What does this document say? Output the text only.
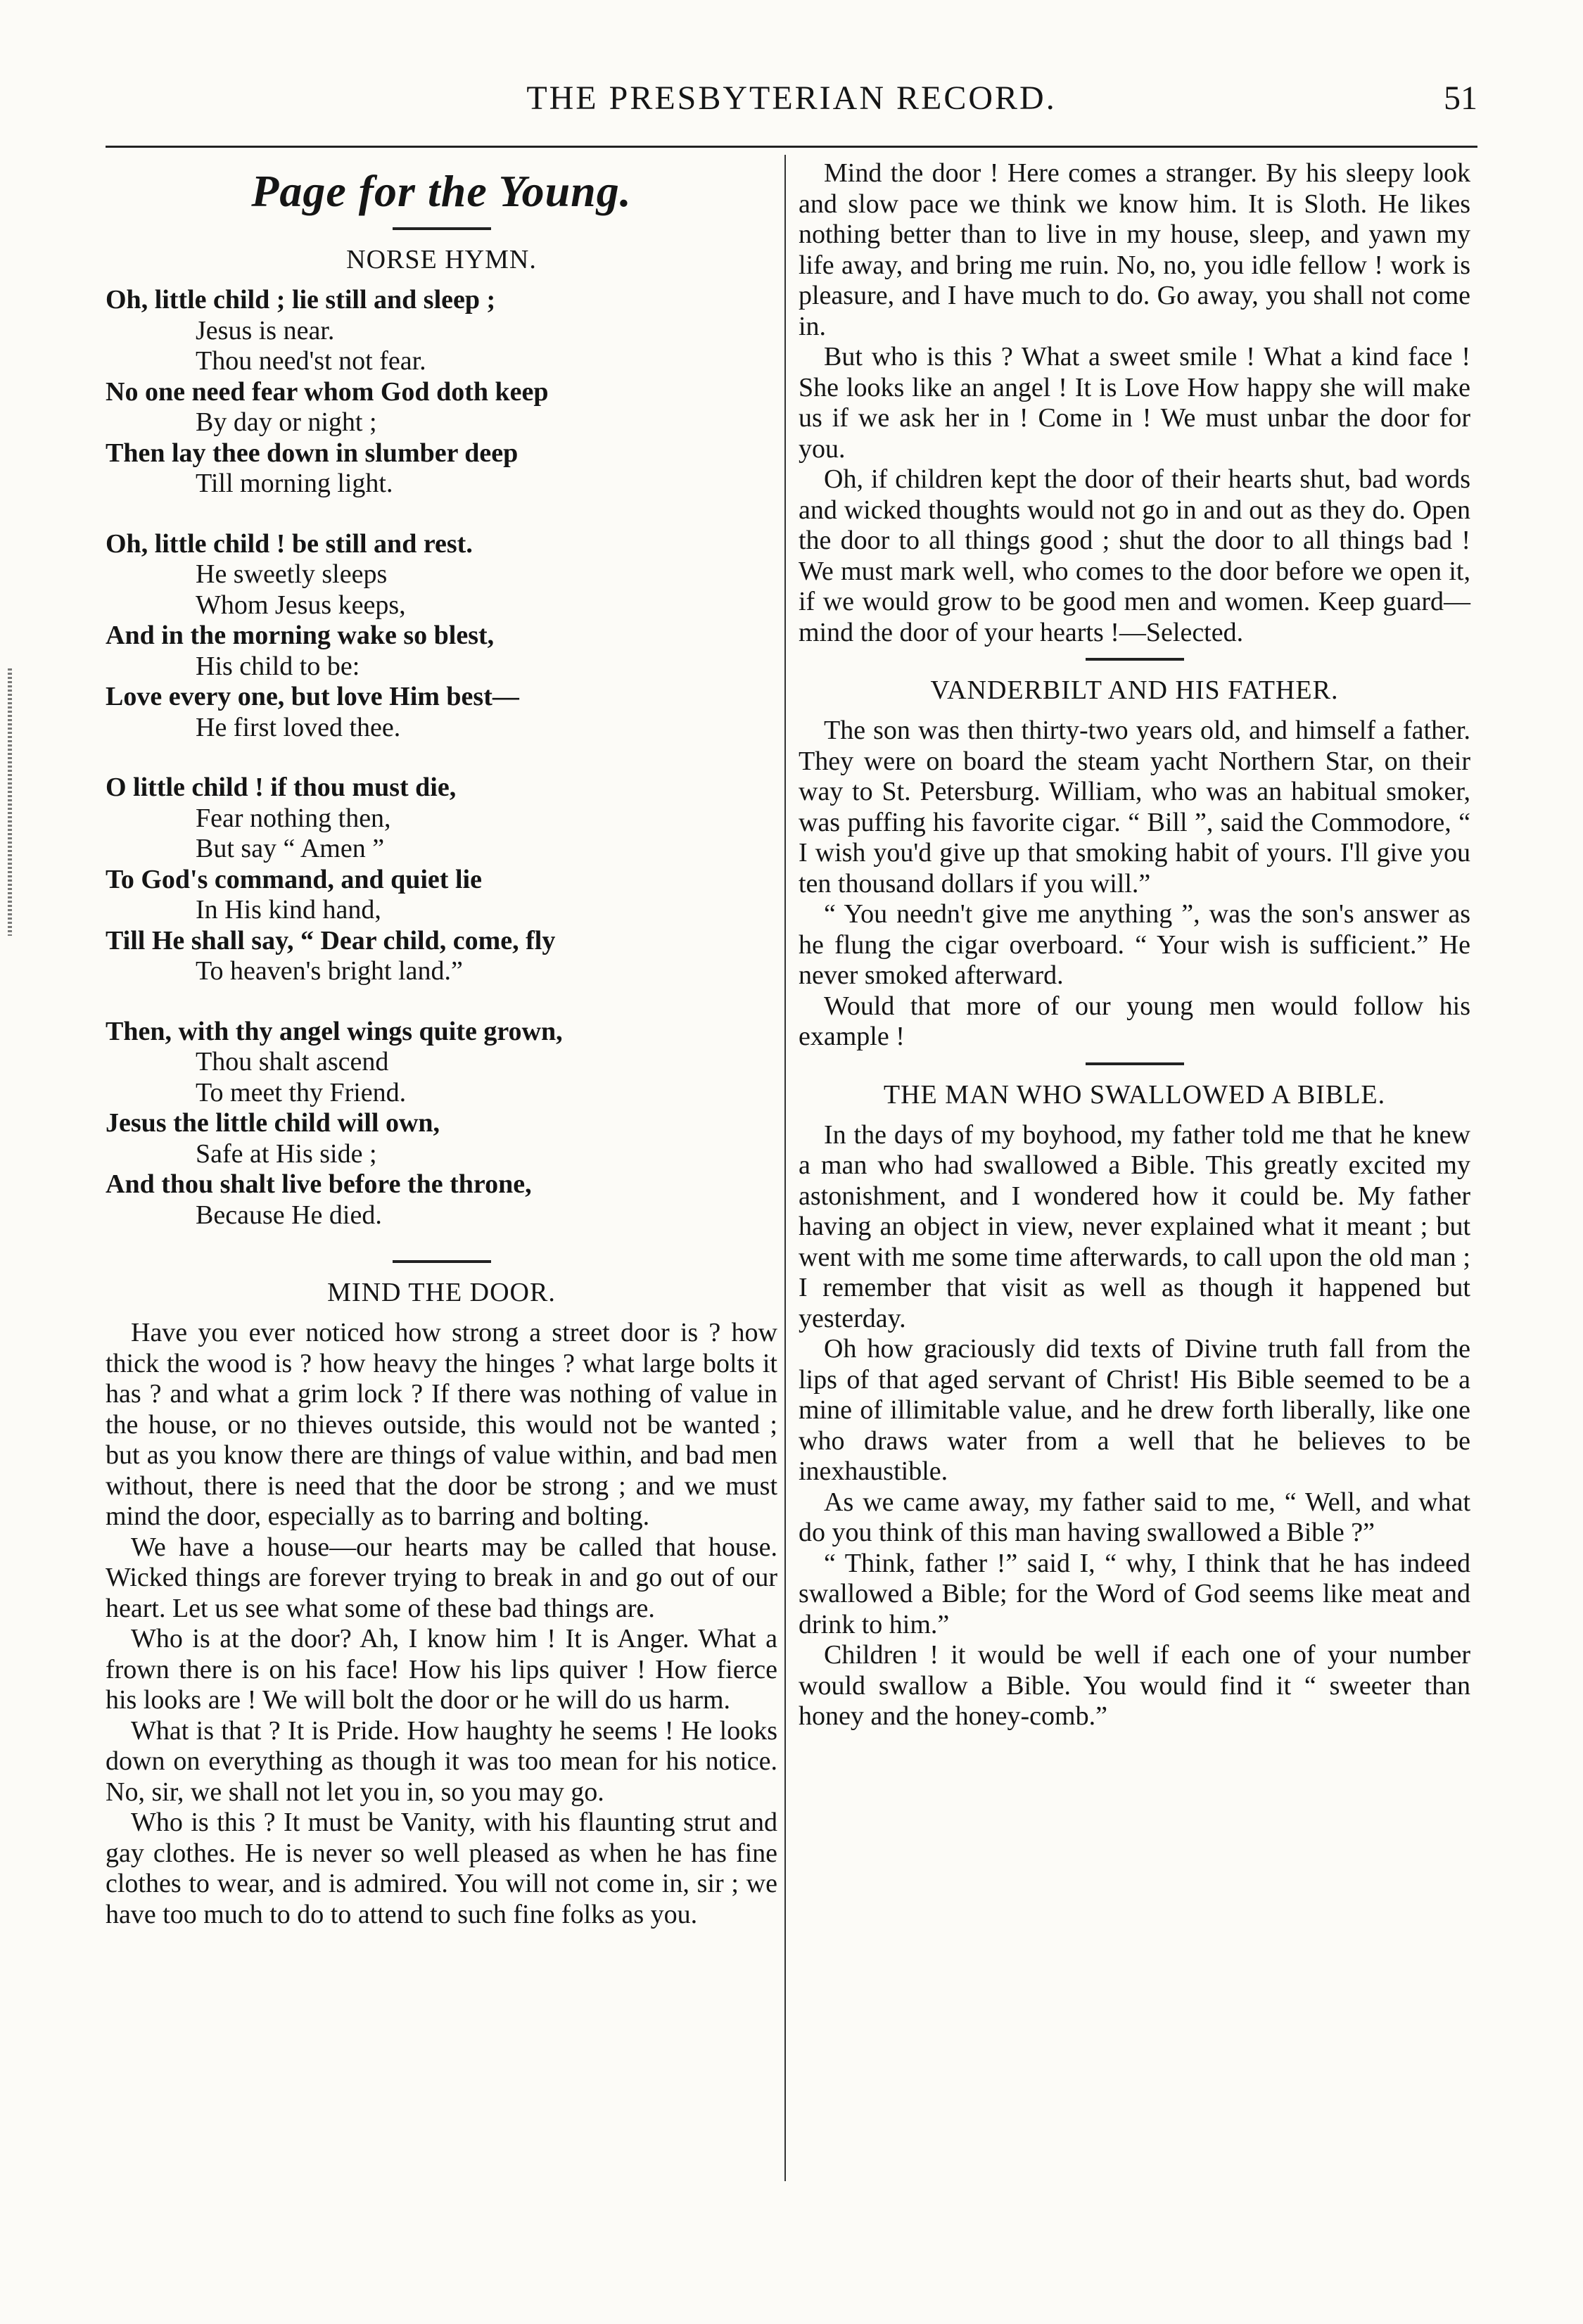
THE PRESBYTERIAN RECORD.	51
Page for the Young.
NORSE HYMN.
Oh, little child ; lie still and sleep ;
Jesus is near.
Thou need'st not fear.
No one need fear whom God doth keep
By day or night ;
Then lay thee down in slumber deep
Till morning light.
Oh, little child ! be still and rest.
He sweetly sleeps
Whom Jesus keeps,
And in the morning wake so blest,
His child to be:
Love every one, but love Him best—
He first loved thee.
O little child ! if thou must die,
Fear nothing then,
But say “ Amen ”
To God's command, and quiet lie
In His kind hand,
Till He shall say, “ Dear child, come, fly
To heaven's bright land.”
Then, with thy angel wings quite grown,
Thou shalt ascend
To meet thy Friend.
Jesus the little child will own,
Safe at His side ;
And thou shalt live before the throne,
Because He died.
MIND THE DOOR.

Have you ever noticed how strong a street door is ? how thick the wood is ? how heavy the hinges ? what large bolts it has ? and what a grim lock ? If there was nothing of value in the house, or no thieves outside, this would not be wanted ; but as you know there are things of value within, and bad men without, there is need that the door be strong ; and we must mind the door, especially as to barring and bolting.

We have a house—our hearts may be called that house. Wicked things are forever trying to break in and go out of our heart. Let us see what some of these bad things are.

Who is at the door? Ah, I know him ! It is Anger. What a frown there is on his face! How his lips quiver ! How fierce his looks are ! We will bolt the door or he will do us harm.

What is that ? It is Pride. How haughty he seems ! He looks down on everything as though it was too mean for his notice. No, sir, we shall not let you in, so you may go.

Who is this ? It must be Vanity, with his flaunting strut and gay clothes. He is never so well pleased as when he has fine clothes to wear, and is admired. You will not come in, sir ; we have too much to do to attend to such fine folks as you.

Mind the door ! Here comes a stranger. By his sleepy look and slow pace we think we know him. It is Sloth. He likes nothing better than to live in my house, sleep, and yawn my life away, and bring me ruin. No, no, you idle fellow ! work is pleasure, and I have much to do. Go away, you shall not come in.

But who is this ? What a sweet smile ! What a kind face ! She looks like an angel ! It is Love How happy she will make us if we ask her in ! Come in ! We must unbar the door for you.

Oh, if children kept the door of their hearts shut, bad words and wicked thoughts would not go in and out as they do. Open the door to all things good ; shut the door to all things bad ! We must mark well, who comes to the door before we open it, if we would grow to be good men and women. Keep guard—mind the door of your hearts !—Selected.

VANDERBILT AND HIS FATHER.

The son was then thirty-two years old, and himself a father. They were on board the steam yacht Northern Star, on their way to St. Petersburg. William, who was an habitual smoker, was puffing his favorite cigar. “ Bill ”, said the Commodore, “ I wish you'd give up that smoking habit of yours. I'll give you ten thousand dollars if you will.”

“ You needn't give me anything ”, was the son's answer as he flung the cigar overboard. “ Your wish is sufficient.” He never smoked afterward.

Would that more of our young men would follow his example !

THE MAN WHO SWALLOWED A BIBLE.

In the days of my boyhood, my father told me that he knew a man who had swallowed a Bible. This greatly excited my astonishment, and I wondered how it could be. My father having an object in view, never explained what it meant ; but went with me some time afterwards, to call upon the old man ; I remember that visit as well as though it happened but yesterday.

Oh how graciously did texts of Divine truth fall from the lips of that aged servant of Christ! His Bible seemed to be a mine of illimitable value, and he drew forth liberally, like one who draws water from a well that he believes to be inexhaustible.

As we came away, my father said to me, “ Well, and what do you think of this man having swallowed a Bible ?”

“ Think, father !” said I, “ why, I think that he has indeed swallowed a Bible; for the Word of God seems like meat and drink to him.”

Children ! it would be well if each one of your number would swallow a Bible. You would find it “ sweeter than honey and the honey-comb.”
